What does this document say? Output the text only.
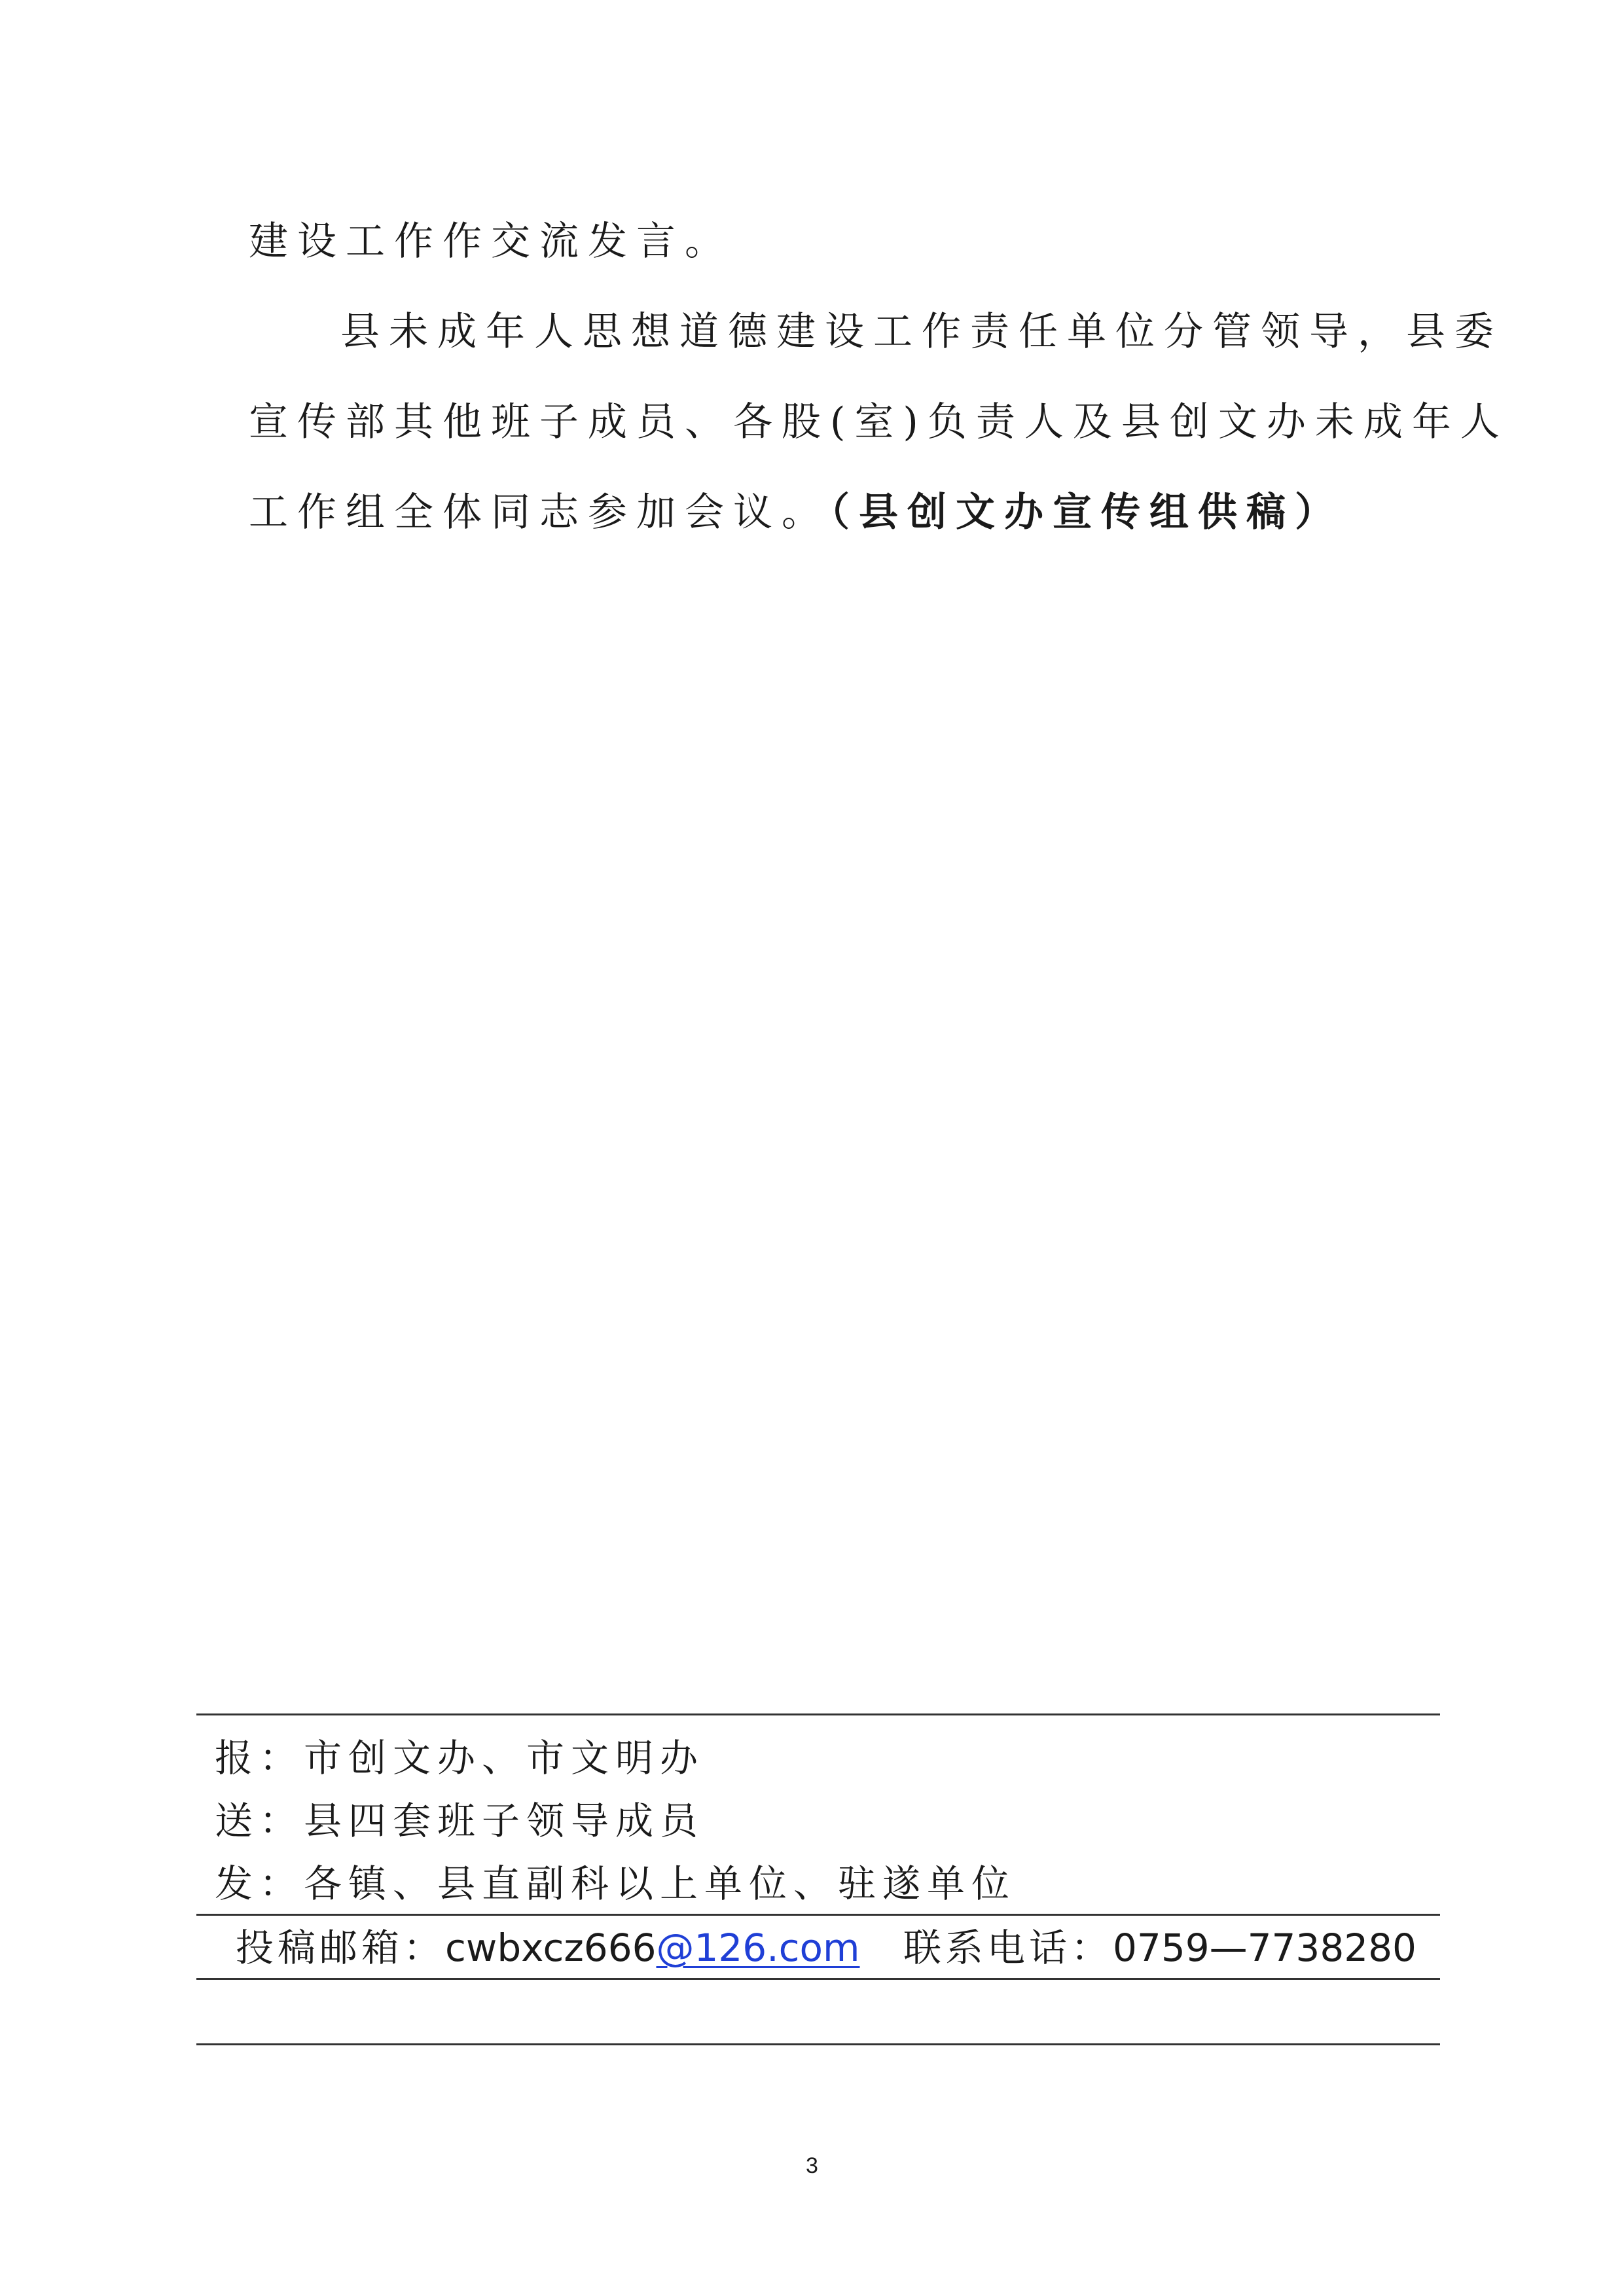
建设工作作交流发言。
县未成年人思想道德建设工作责任单位分管领导，县委
宣传部其他班子成员、各股(室)负责人及县创文办未成年人
工作组全体同志参加会议。（县创文办宣传组供稿）
报：市创文办、市文明办
送：县四套班子领导成员
发：各镇、县直副科以上单位、驻遂单位
投稿邮箱：cwbxcz666@126.com 联系电话：0759—7738280
3
